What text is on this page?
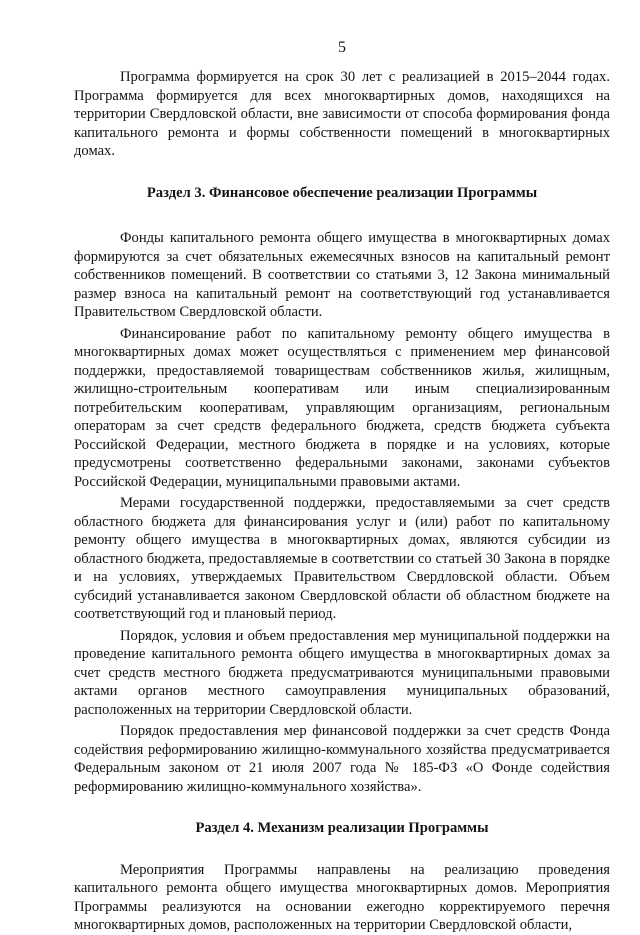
5

Программа формируется на срок 30 лет с реализацией в 2015–2044 годах. Программа формируется для всех многоквартирных домов, находящихся на территории Свердловской области, вне зависимости от способа формирования фонда капитального ремонта и формы собственности помещений в многоквартирных домах.

Раздел 3. Финансовое обеспечение реализации Программы

Фонды капитального ремонта общего имущества в многоквартирных домах формируются за счет обязательных ежемесячных взносов на капитальный ремонт собственников помещений. В соответствии со статьями 3, 12 Закона минимальный размер взноса на капитальный ремонт на соответствующий год устанавливается Правительством Свердловской области.

Финансирование работ по капитальному ремонту общего имущества в многоквартирных домах может осуществляться с применением мер финансовой поддержки, предоставляемой товариществам собственников жилья, жилищным, жилищно-строительным кооперативам или иным специализированным потребительским кооперативам, управляющим организациям, региональным операторам за счет средств федерального бюджета, средств бюджета субъекта Российской Федерации, местного бюджета в порядке и на условиях, которые предусмотрены соответственно федеральными законами, законами субъектов Российской Федерации, муниципальными правовыми актами.

Мерами государственной поддержки, предоставляемыми за счет средств областного бюджета для финансирования услуг и (или) работ по капитальному ремонту общего имущества в многоквартирных домах, являются субсидии из областного бюджета, предоставляемые в соответствии со статьей 30 Закона в порядке и на условиях, утверждаемых Правительством Свердловской области. Объем субсидий устанавливается законом Свердловской области об областном бюджете на соответствующий год и плановый период.

Порядок, условия и объем предоставления мер муниципальной поддержки на проведение капитального ремонта общего имущества в многоквартирных домах за счет средств местного бюджета предусматриваются муниципальными правовыми актами органов местного самоуправления муниципальных образований, расположенных на территории Свердловской области.

Порядок предоставления мер финансовой поддержки за счет средств Фонда содействия реформированию жилищно-коммунального хозяйства предусматривается Федеральным законом от 21 июля 2007 года № 185-ФЗ «О Фонде содействия реформированию жилищно-коммунального хозяйства».

Раздел 4. Механизм реализации Программы

Мероприятия Программы направлены на реализацию проведения капитального ремонта общего имущества многоквартирных домов. Мероприятия Программы реализуются на основании ежегодно корректируемого перечня многоквартирных домов, расположенных на территории Свердловской области,
